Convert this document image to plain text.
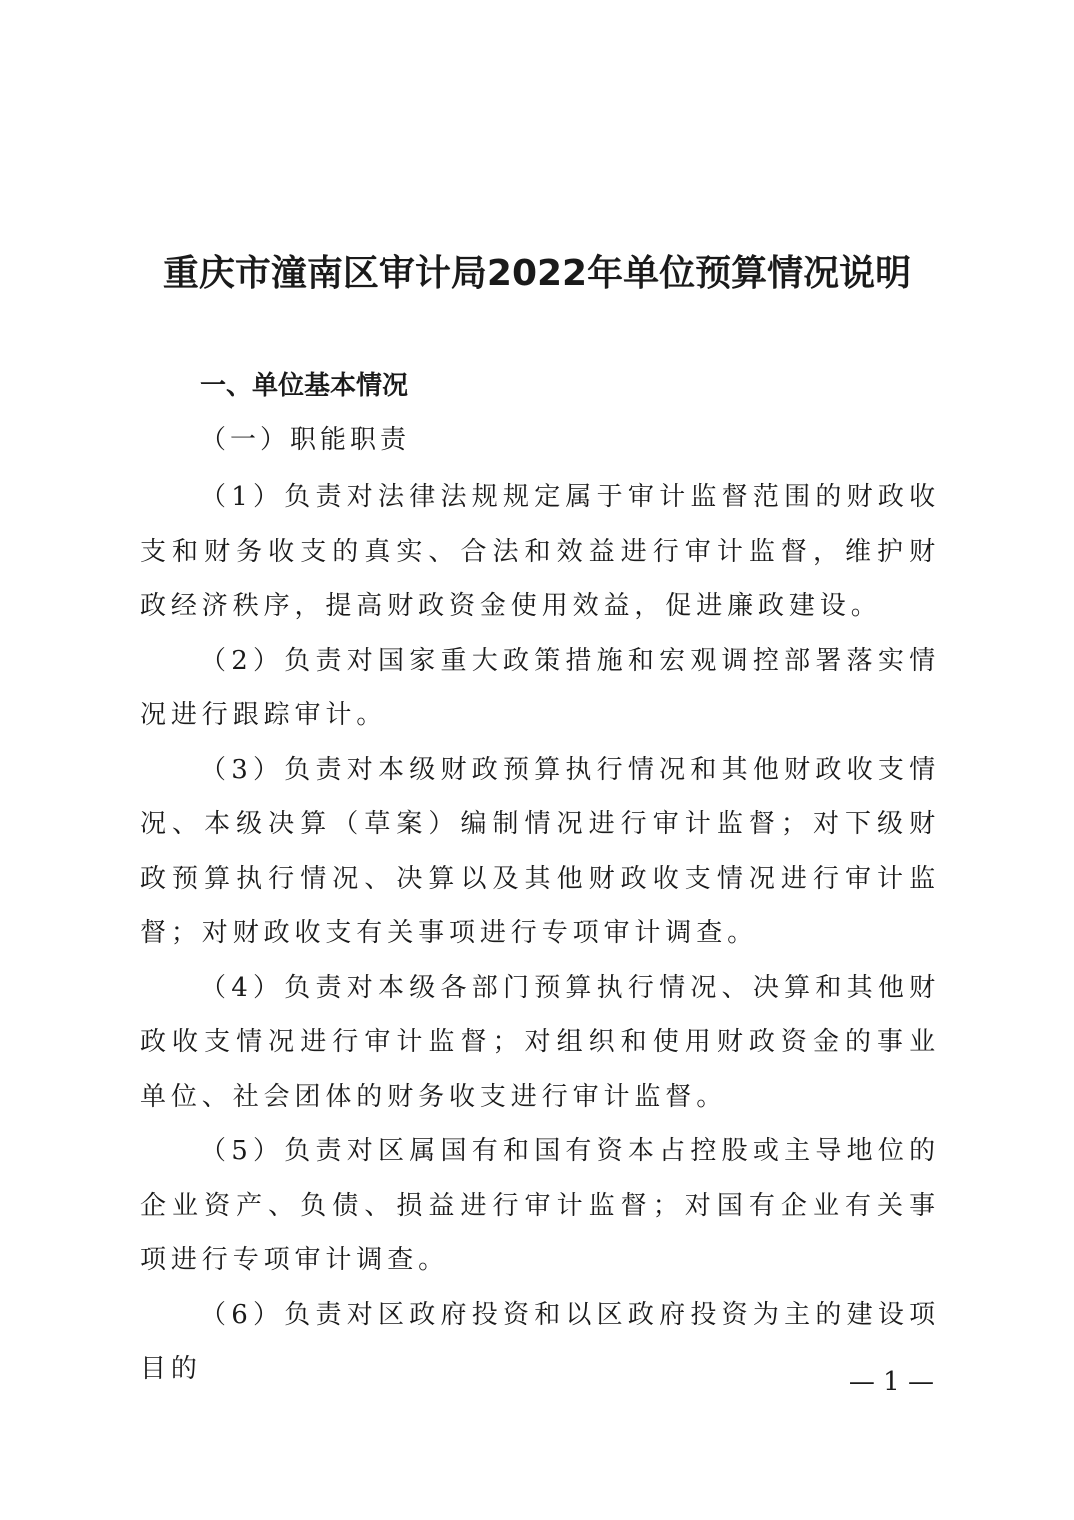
重庆市潼南区审计局2022年单位预算情况说明
一、单位基本情况
（一）职能职责

（1）负责对法律法规规定属于审计监督范围的财政收支和财务收支的真实、合法和效益进行审计监督，维护财政经济秩序，提高财政资金使用效益，促进廉政建设。

（2）负责对国家重大政策措施和宏观调控部署落实情况进行跟踪审计。

（3）负责对本级财政预算执行情况和其他财政收支情况、本级决算（草案）编制情况进行审计监督；对下级财政预算执行情况、决算以及其他财政收支情况进行审计监督；对财政收支有关事项进行专项审计调查。

（4）负责对本级各部门预算执行情况、决算和其他财政收支情况进行审计监督；对组织和使用财政资金的事业单位、社会团体的财务收支进行审计监督。

（5）负责对区属国有和国有资本占控股或主导地位的企业资产、负债、损益进行审计监督；对国有企业有关事项进行专项审计调查。

（6）负责对区政府投资和以区政府投资为主的建设项目的	— 1 —
